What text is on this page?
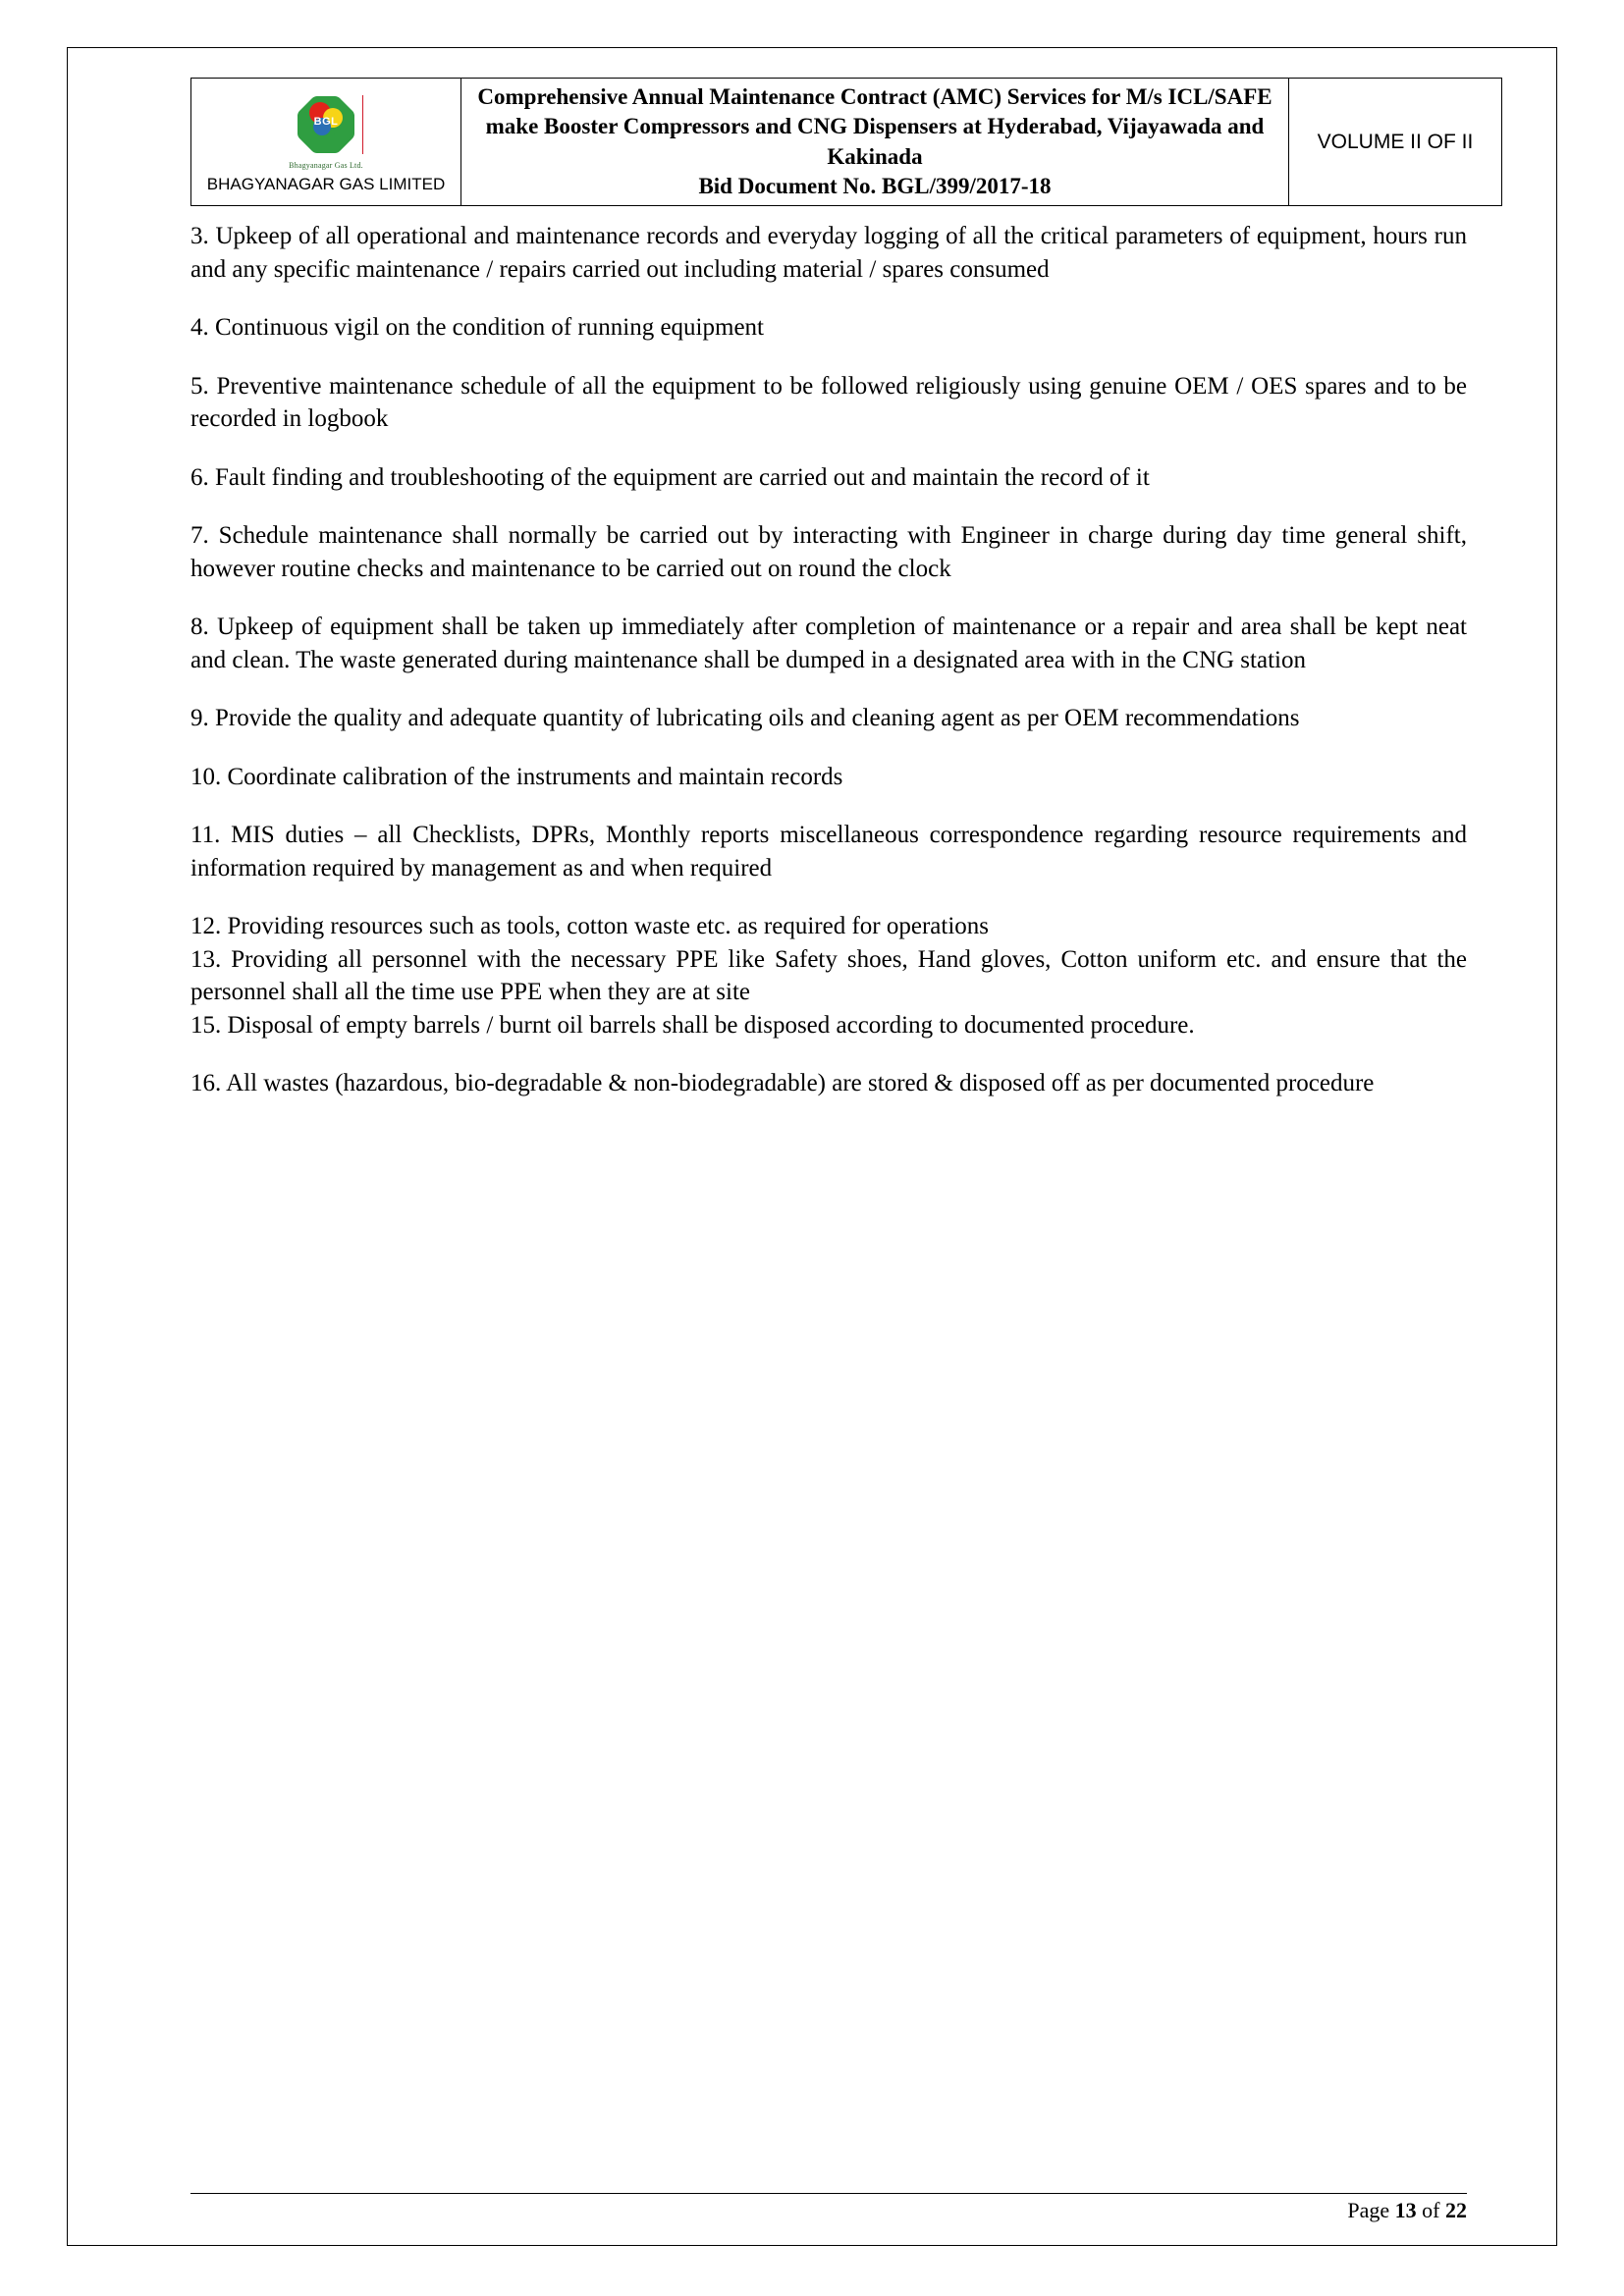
BGL
Bhagyanagar Gas Ltd.
BHAGYANAGAR GAS LIMITED

Comprehensive Annual Maintenance Contract (AMC) Services for M/s ICL/SAFE make Booster Compressors and CNG Dispensers at Hyderabad, Vijayawada and Kakinada
Bid Document No. BGL/399/2017-18

VOLUME II OF II

3. Upkeep of all operational and maintenance records and everyday logging of all the critical parameters of equipment, hours run and any specific maintenance / repairs carried out including material / spares consumed

4. Continuous vigil on the condition of running equipment

5. Preventive maintenance schedule of all the equipment to be followed religiously using genuine OEM / OES spares and to be recorded in logbook

6. Fault finding and troubleshooting of the equipment are carried out and maintain the record of it

7. Schedule maintenance shall normally be carried out by interacting with Engineer in charge during day time general shift, however routine checks and maintenance to be carried out on round the clock

8. Upkeep of equipment shall be taken up immediately after completion of maintenance or a repair and area shall be kept neat and clean. The waste generated during maintenance shall be dumped in a designated area with in the CNG station

9. Provide the quality and adequate quantity of lubricating oils and cleaning agent as per OEM recommendations

10. Coordinate calibration of the instruments and maintain records

11. MIS duties – all Checklists, DPRs, Monthly reports miscellaneous correspondence regarding resource requirements and information required by management as and when required

12. Providing resources such as tools, cotton waste etc. as required for operations

13. Providing all personnel with the necessary PPE like Safety shoes, Hand gloves, Cotton uniform etc. and ensure that the personnel shall all the time use PPE when they are at site

15. Disposal of empty barrels / burnt oil barrels shall be disposed according to documented procedure.

16. All wastes (hazardous, bio-degradable & non-biodegradable) are stored & disposed off as per documented procedure

Page 13 of 22
